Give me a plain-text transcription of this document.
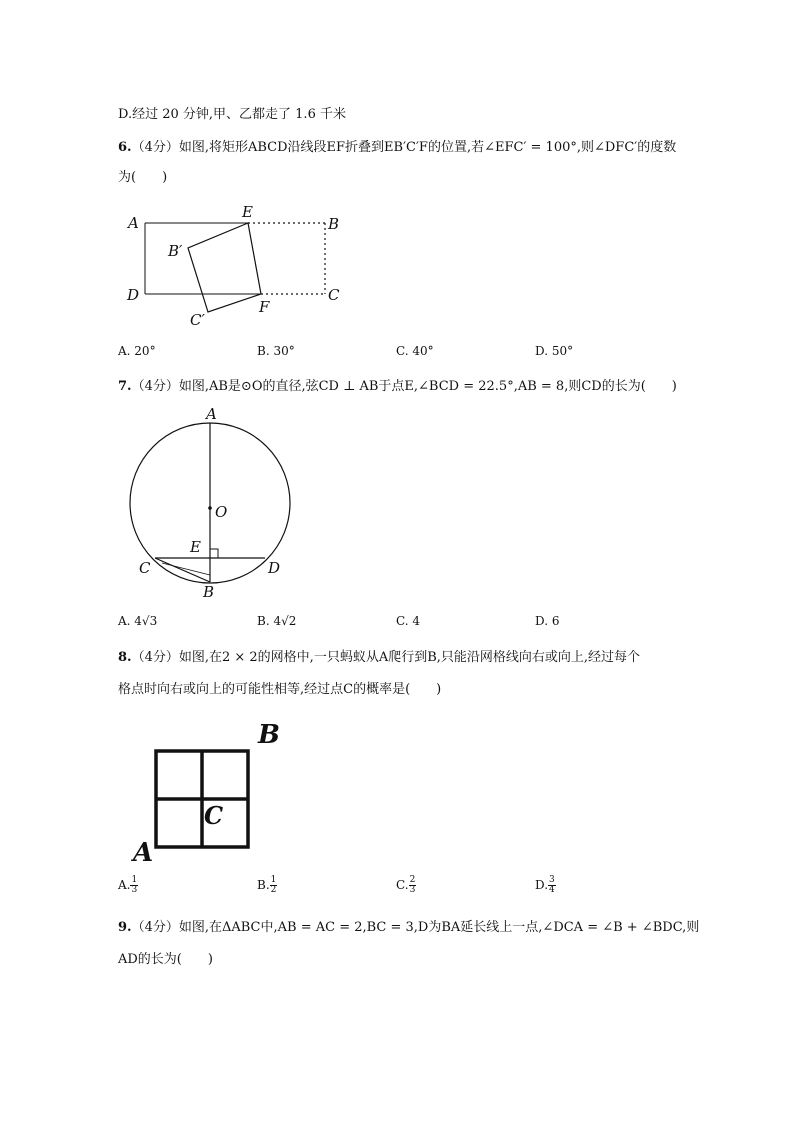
D.经过 20 分钟,甲、乙都走了 1.6 千米
6.（4分）如图,将矩形ABCD沿线段EF折叠到EB′C′F的位置,若∠EFC′ = 100°,则∠DFC′的度数
为(　　)
A
E
B
B′
D	C
F
C′
A. 20°	B. 30°	C. 40°	D. 50°
7.（4分）如图,AB是⊙O的直径,弦CD ⊥ AB于点E,∠BCD = 22.5°,AB = 8,则CD的长为(　　)
A
O
E
C	D
B
A. 4√3	B. 4√2	C. 4	D. 6
8.（4分）如图,在2 × 2的网格中,一只蚂蚁从A爬行到B,只能沿网格线向右或向上,经过每个
格点时向右或向上的可能性相等,经过点C的概率是(　　)
B
C
A
A. $\frac{1}{3}$	B. $\frac{1}{2}$	C. $\frac{2}{3}$	D. $\frac{3}{4}$
9.（4分）如图,在ΔABC中,AB = AC = 2,BC = 3,D为BA延长线上一点,∠DCA = ∠B + ∠BDC,则
AD的长为(　　)
